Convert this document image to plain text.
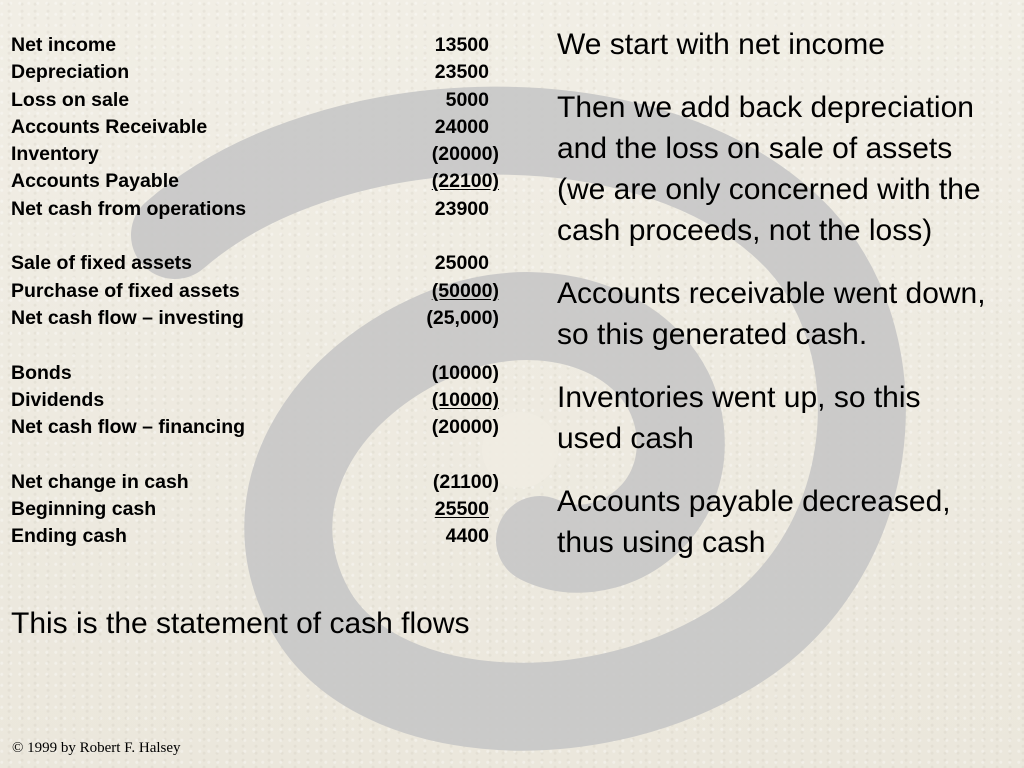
Net income	13500
Depreciation	23500
Loss on sale	5000
Accounts Receivable	24000
Inventory	(20000)
Accounts Payable	(22100)
Net cash from operations	23900
Sale of fixed assets	25000
Purchase of fixed assets	(50000)
Net cash flow – investing	(25,000)
Bonds	(10000)
Dividends	(10000)
Net cash flow – financing	(20000)
Net change in cash	(21100)
Beginning cash	25500
Ending cash	4400
This is the statement of cash flows

We start with net income

Then we add back depreciation and the loss on sale of assets (we are only concerned with the cash proceeds, not the loss)

Accounts receivable went down, so this generated cash.

Inventories went up, so this used cash

Accounts payable decreased, thus using cash

© 1999 by Robert F. Halsey
